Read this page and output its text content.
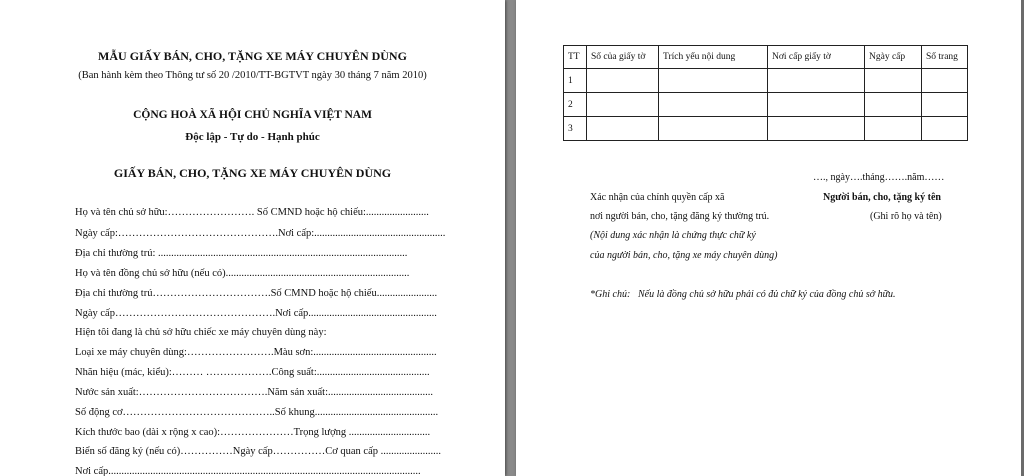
MẪU GIẤY BÁN, CHO, TẶNG XE MÁY CHUYÊN DÙNG
(Ban hành kèm theo Thông tư số 20 /2010/TT-BGTVT ngày 30 tháng 7 năm 2010)
CỘNG HOÀ XÃ HỘI CHỦ NGHĨA VIỆT NAM
Độc lập - Tự do - Hạnh phúc
GIẤY BÁN, CHO, TẶNG XE MÁY CHUYÊN DÙNG
Họ và tên chủ sở hữu:……………………. Số CMND hoặc hộ chiếu:........................
Ngày cấp:……………………………………….Nơi cấp:..................................................
Địa chỉ thường trú: ...............................................................................................
Họ và tên đồng chủ sở hữu (nếu có)......................................................................
Địa chỉ thường trú…………………………….Số CMND hoặc hộ chiếu.......................
Ngày cấp……………………………………….Nơi cấp.................................................
Hiện tôi đang là chủ sở hữu chiếc xe máy chuyên dùng này:
Loại xe máy chuyên dùng:…………………….Màu sơn:...............................................
Nhãn hiệu (mác, kiểu):……… ……………….Công suất:...........................................
Nước sản xuất:……………………………….Năm sản xuất:........................................
Số động cơ……………………………………..Số khung...............................................
Kích thước bao (dài x rộng x cao):…………………Trọng lượng ...............................
Biển số đăng ký (nếu có)……………Ngày cấp……………Cơ quan cấp .......................
Nơi cấp.......................................................................................................................
TT	Số của giấy tờ	Trích yếu nội dung	Nơi cấp giấy tờ	Ngày cấp	Số trang
1					
2					
3					
…., ngày….tháng…….năm……
Xác nhận của chính quyền cấp xã	Người bán, cho, tặng ký tên
nơi người bán, cho, tặng đăng ký thường trú.	(Ghi rõ họ và tên)
(Nội dung xác nhận là chứng thực chữ ký
của người bán, cho, tặng xe máy chuyên dùng)
*Ghi chú: Nếu là đồng chủ sở hữu phải có đủ chữ ký của đồng chủ sở hữu.
